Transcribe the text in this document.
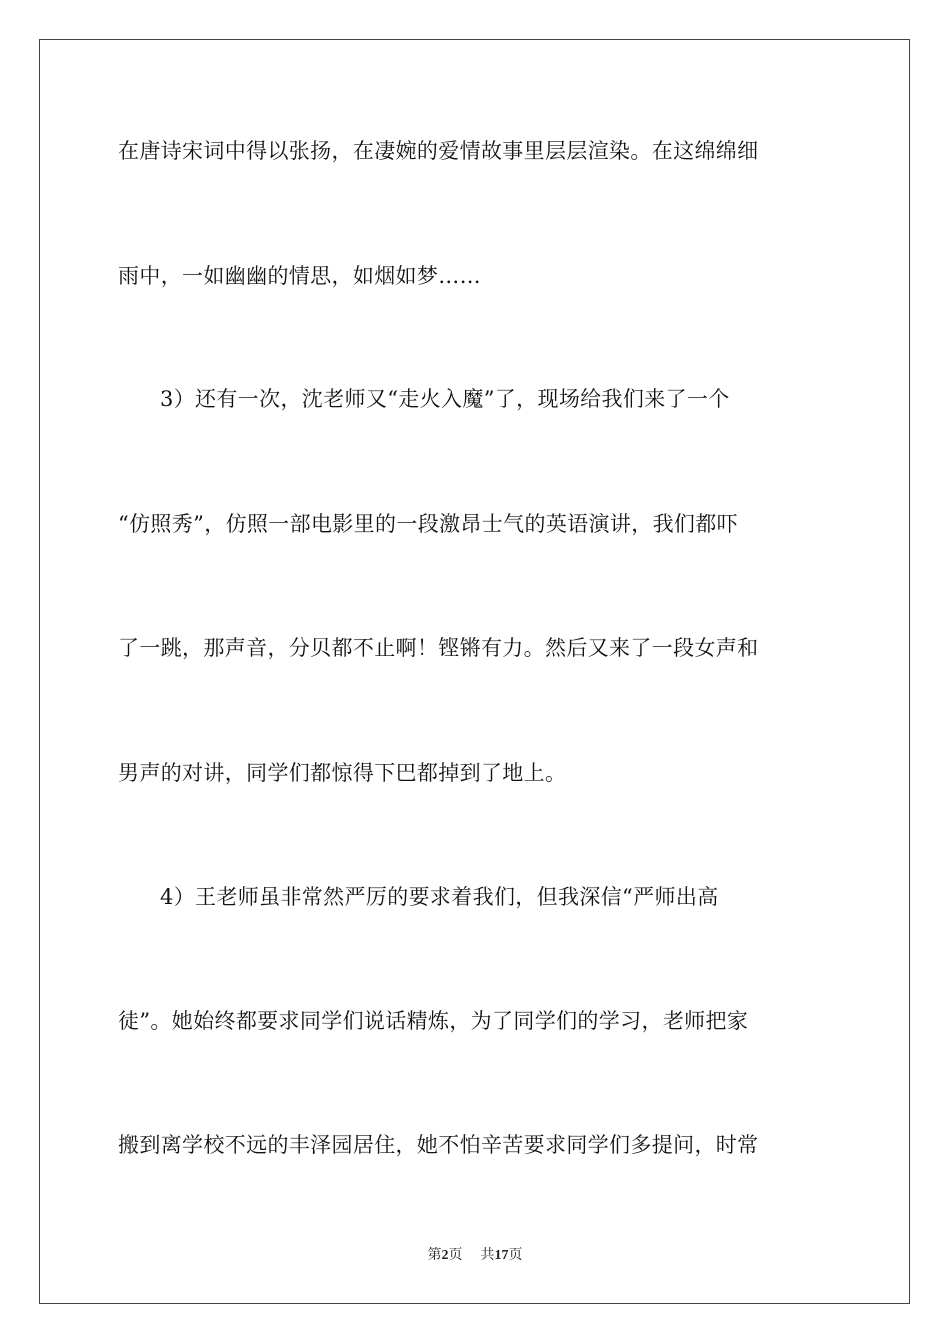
在唐诗宋词中得以张扬，在凄婉的爱情故事里层层渲染。在这绵绵细
雨中，一如幽幽的情思，如烟如梦……
3）还有一次，沈老师又“走火入魔”了，现场给我们来了一个
“仿照秀”，仿照一部电影里的一段激昂士气的英语演讲，我们都吓
了一跳，那声音，分贝都不止啊！铿锵有力。然后又来了一段女声和
男声的对讲，同学们都惊得下巴都掉到了地上。
4）王老师虽非常然严厉的要求着我们，但我深信“严师出高
徒”。她始终都要求同学们说话精炼，为了同学们的学习，老师把家
搬到离学校不远的丰泽园居住，她不怕辛苦要求同学们多提问，时常
第2页 共17页
